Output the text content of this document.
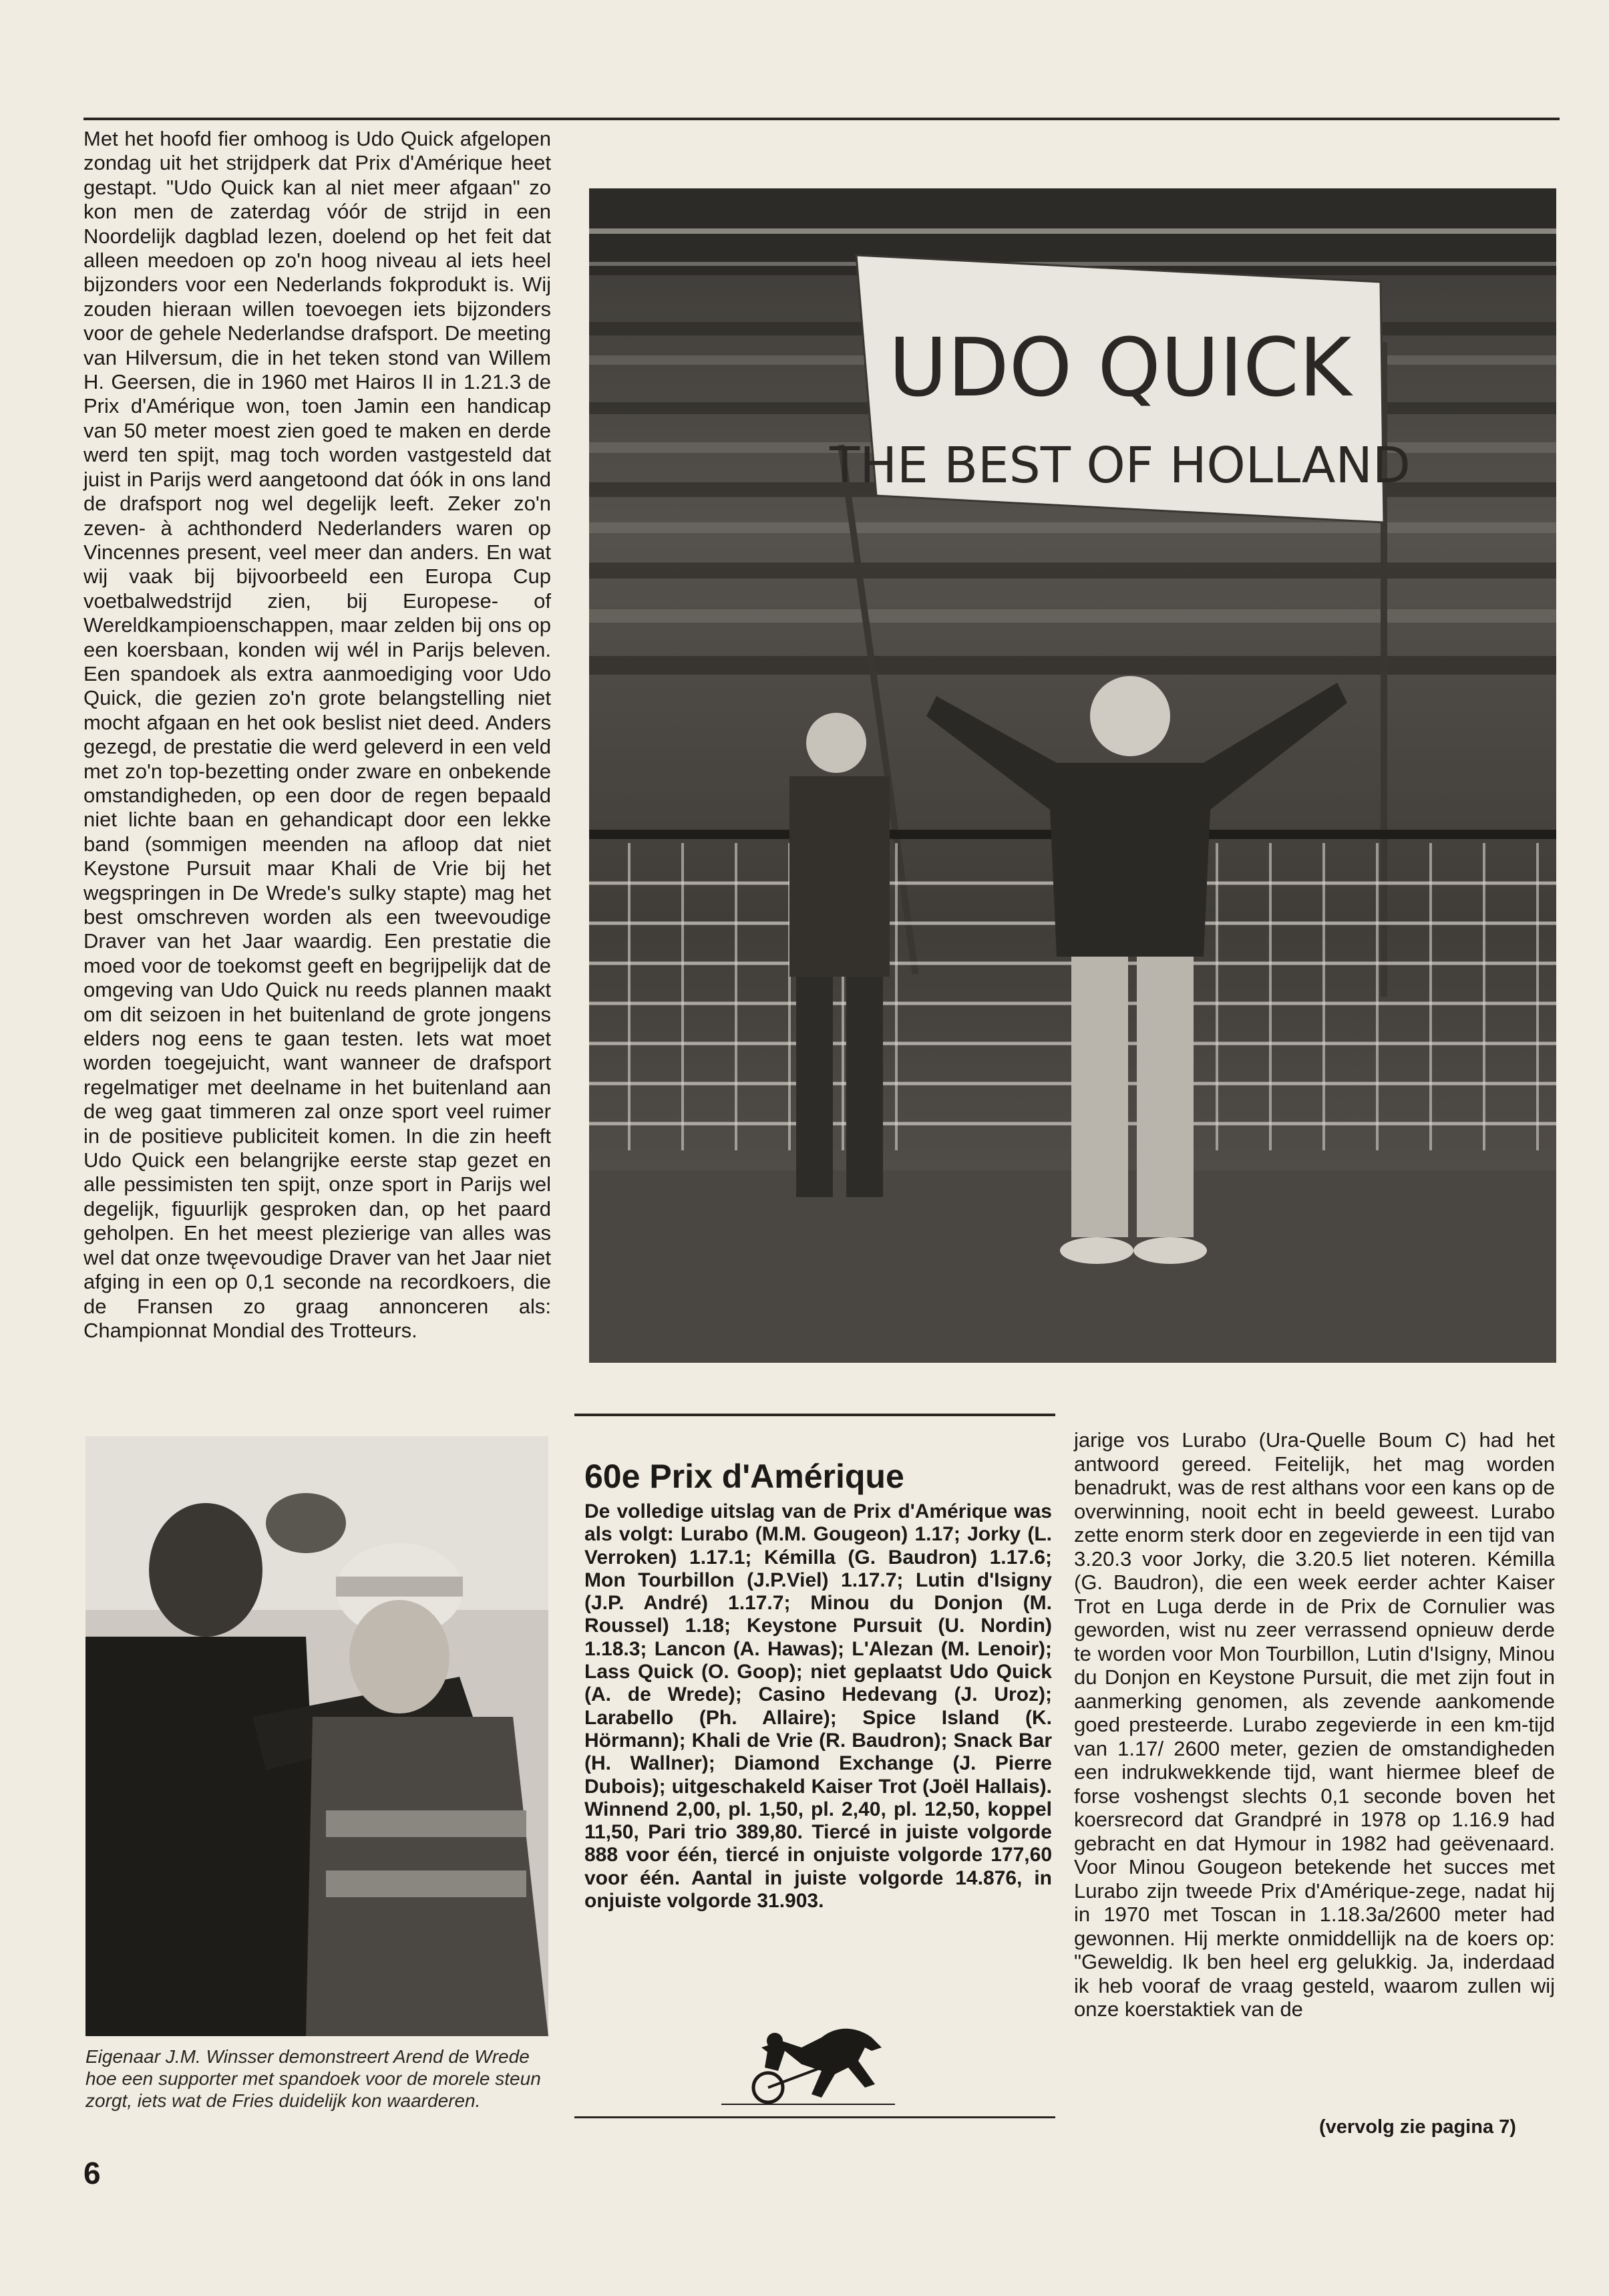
Met het hoofd fier omhoog is Udo Quick afgelopen zondag uit het strijdperk dat Prix d'Amérique heet gestapt. "Udo Quick kan al niet meer afgaan" zo kon men de zaterdag vóór de strijd in een Noordelijk dagblad lezen, doelend op het feit dat alleen meedoen op zo'n hoog niveau al iets heel bijzonders voor een Nederlands fokprodukt is. Wij zouden hieraan willen toevoegen iets bijzonders voor de gehele Nederlandse drafsport. De meeting van Hilversum, die in het teken stond van Willem H. Geersen, die in 1960 met Hairos II in 1.21.3 de Prix d'Amérique won, toen Jamin een handicap van 50 meter moest zien goed te maken en derde werd ten spijt, mag toch worden vastgesteld dat juist in Parijs werd aangetoond dat óók in ons land de drafsport nog wel degelijk leeft. Zeker zo'n zeven- à achthonderd Nederlanders waren op Vincennes present, veel meer dan anders. En wat wij vaak bij bijvoorbeeld een Europa Cup voetbalwedstrijd zien, bij Europese- of Wereldkampioenschappen, maar zelden bij ons op een koersbaan, konden wij wél in Parijs beleven. Een spandoek als extra aanmoediging voor Udo Quick, die gezien zo'n grote belangstelling niet mocht afgaan en het ook beslist niet deed. Anders gezegd, de prestatie die werd geleverd in een veld met zo'n top-bezetting onder zware en onbekende omstandigheden, op een door de regen bepaald niet lichte baan en gehandicapt door een lekke band (sommigen meenden na afloop dat niet Keystone Pursuit maar Khali de Vrie bij het wegspringen in De Wrede's sulky stapte) mag het best omschreven worden als een tweevoudige Draver van het Jaar waardig. Een prestatie die moed voor de toekomst geeft en begrijpelijk dat de omgeving van Udo Quick nu reeds plannen maakt om dit seizoen in het buitenland de grote jongens elders nog eens te gaan testen. Iets wat moet worden toegejuicht, want wanneer de drafsport regelmatiger met deelname in het buitenland aan de weg gaat timmeren zal onze sport veel ruimer in de positieve publiciteit komen. In die zin heeft Udo Quick een belangrijke eerste stap gezet en alle pessimisten ten spijt, onze sport in Parijs wel degelijk, figuurlijk gesproken dan, op het paard geholpen. En het meest plezierige van alles was wel dat onze twęevoudige Draver van het Jaar niet afging in een op 0,1 seconde na recordkoers, die de Fransen zo graag annonceren als: Championnat Mondial des Trotteurs.

UDO QUICK
THE BEST OF HOLLAND
Eigenaar J.M. Winsser demonstreert Arend de Wrede hoe een supporter met spandoek voor de morele steun zorgt, iets wat de Fries duidelijk kon waarderen.
6
60e Prix d'Amérique
De volledige uitslag van de Prix d'Amérique was als volgt: Lurabo (M.M. Gougeon) 1.17; Jorky (L. Verroken) 1.17.1; Kémilla (G. Baudron) 1.17.6; Mon Tourbillon (J.P.Viel) 1.17.7; Lutin d'Isigny (J.P. André) 1.17.7; Minou du Donjon (M. Roussel) 1.18; Keystone Pursuit (U. Nordin) 1.18.3; Lancon (A. Hawas); L'Alezan (M. Lenoir); Lass Quick (O. Goop); niet geplaatst Udo Quick (A. de Wrede); Casino Hedevang (J. Uroz); Larabello (Ph. Allaire); Spice Island (K. Hörmann); Khali de Vrie (R. Baudron); Snack Bar (H. Wallner); Diamond Exchange (J. Pierre Dubois); uitgeschakeld Kaiser Trot (Joël Hallais). Winnend 2,00, pl. 1,50, pl. 2,40, pl. 12,50, koppel 11,50, Pari trio 389,80. Tiercé in juiste volgorde 888 voor één, tiercé in onjuiste volgorde 177,60 voor één. Aantal in juiste volgorde 14.876, in onjuiste volgorde 31.903.

jarige vos Lurabo (Ura-Quelle Boum C) had het antwoord gereed. Feitelijk, het mag worden benadrukt, was de rest althans voor een kans op de overwinning, nooit echt in beeld geweest. Lurabo zette enorm sterk door en zegevierde in een tijd van 3.20.3 voor Jorky, die 3.20.5 liet noteren. Kémilla (G. Baudron), die een week eerder achter Kaiser Trot en Luga derde in de Prix de Cornulier was geworden, wist nu zeer verrassend opnieuw derde te worden voor Mon Tourbillon, Lutin d'Isigny, Minou du Donjon en Keystone Pursuit, die met zijn fout in aanmerking genomen, als zevende aankomende goed presteerde. Lurabo zegevierde in een km-tijd van 1.17/ 2600 meter, gezien de omstandigheden een indrukwekkende tijd, want hiermee bleef de forse voshengst slechts 0,1 seconde boven het koersrecord dat Grandpré in 1978 op 1.16.9 had gebracht en dat Hymour in 1982 had geëvenaard. Voor Minou Gougeon betekende het succes met Lurabo zijn tweede Prix d'Amérique-zege, nadat hij in 1970 met Toscan in 1.18.3a/2600 meter had gewonnen. Hij merkte onmiddellijk na de koers op: "Geweldig. Ik ben heel erg gelukkig. Ja, inderdaad ik heb vooraf de vraag gesteld, waarom zullen wij onze koerstaktiek van de

(vervolg zie pagina 7)
